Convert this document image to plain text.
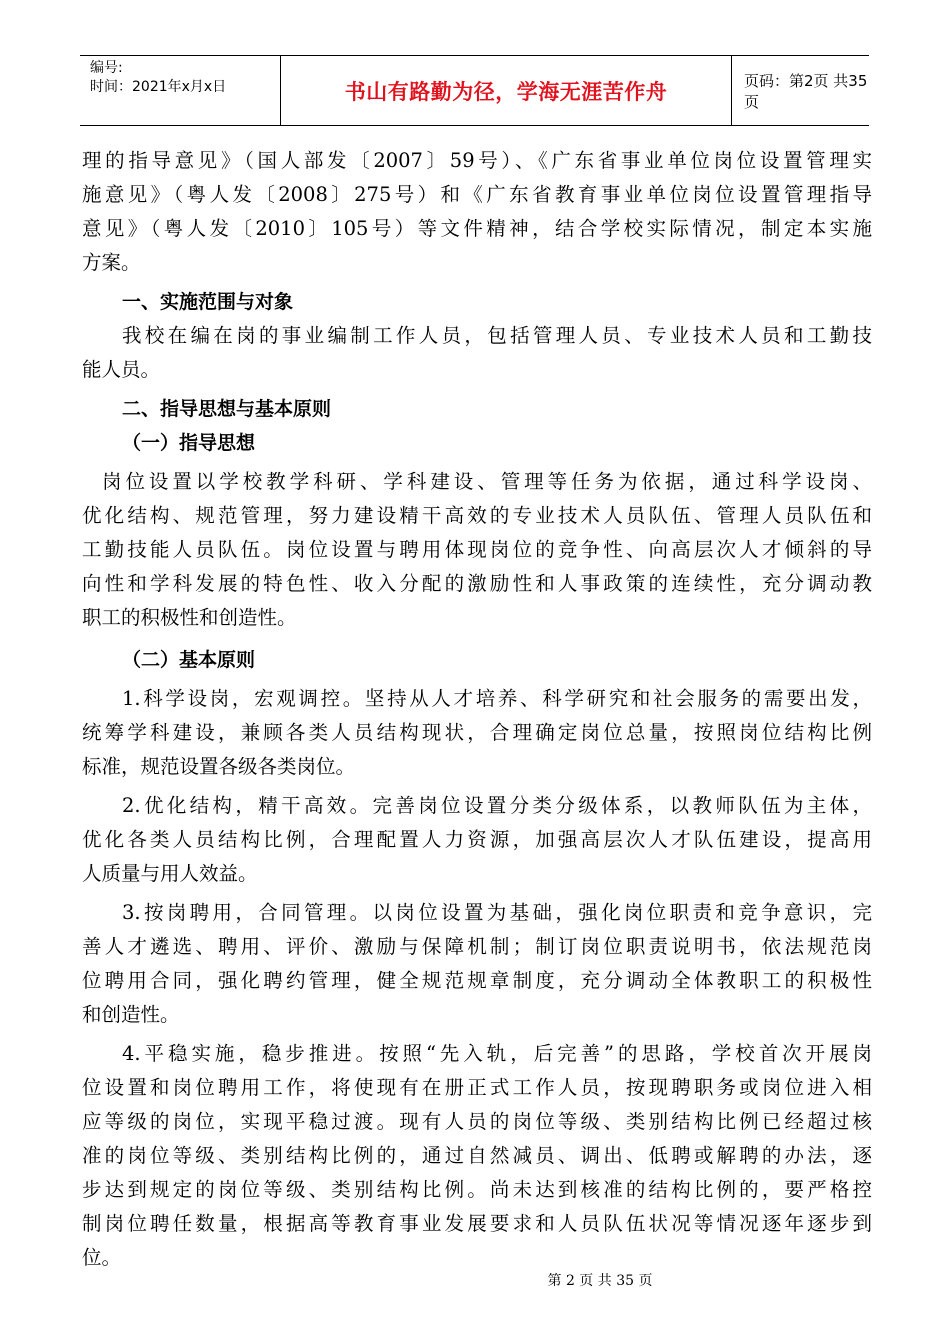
编号:
时间：2021年x月x日	书山有路勤为径，学海无涯苦作舟	页码：第2页 共35页
理的指导意见》（国人部发〔2007〕59号）、《广东省事业单位岗位设置管理实
施意见》（粤人发〔2008〕275号）和《广东省教育事业单位岗位设置管理指导
意见》（粤人发〔2010〕105号）等文件精神，结合学校实际情况，制定本实施
方案。
一、实施范围与对象
我校在编在岗的事业编制工作人员，包括管理人员、专业技术人员和工勤技
能人员。
二、指导思想与基本原则
（一）指导思想
岗位设置以学校教学科研、学科建设、管理等任务为依据，通过科学设岗、
优化结构、规范管理，努力建设精干高效的专业技术人员队伍、管理人员队伍和
工勤技能人员队伍。岗位设置与聘用体现岗位的竞争性、向高层次人才倾斜的导
向性和学科发展的特色性、收入分配的激励性和人事政策的连续性，充分调动教
职工的积极性和创造性。
（二）基本原则
1.科学设岗，宏观调控。坚持从人才培养、科学研究和社会服务的需要出发，
统筹学科建设，兼顾各类人员结构现状，合理确定岗位总量，按照岗位结构比例
标准，规范设置各级各类岗位。
2.优化结构，精干高效。完善岗位设置分类分级体系，以教师队伍为主体，
优化各类人员结构比例，合理配置人力资源，加强高层次人才队伍建设，提高用
人质量与用人效益。
3.按岗聘用，合同管理。以岗位设置为基础，强化岗位职责和竞争意识，完
善人才遴选、聘用、评价、激励与保障机制；制订岗位职责说明书，依法规范岗
位聘用合同，强化聘约管理，健全规范规章制度，充分调动全体教职工的积极性
和创造性。
4.平稳实施，稳步推进。按照“先入轨，后完善”的思路，学校首次开展岗
位设置和岗位聘用工作，将使现有在册正式工作人员，按现聘职务或岗位进入相
应等级的岗位，实现平稳过渡。现有人员的岗位等级、类别结构比例已经超过核
准的岗位等级、类别结构比例的，通过自然减员、调出、低聘或解聘的办法，逐
步达到规定的岗位等级、类别结构比例。尚未达到核准的结构比例的，要严格控
制岗位聘任数量，根据高等教育事业发展要求和人员队伍状况等情况逐年逐步到
位。
第 2 页 共 35 页
